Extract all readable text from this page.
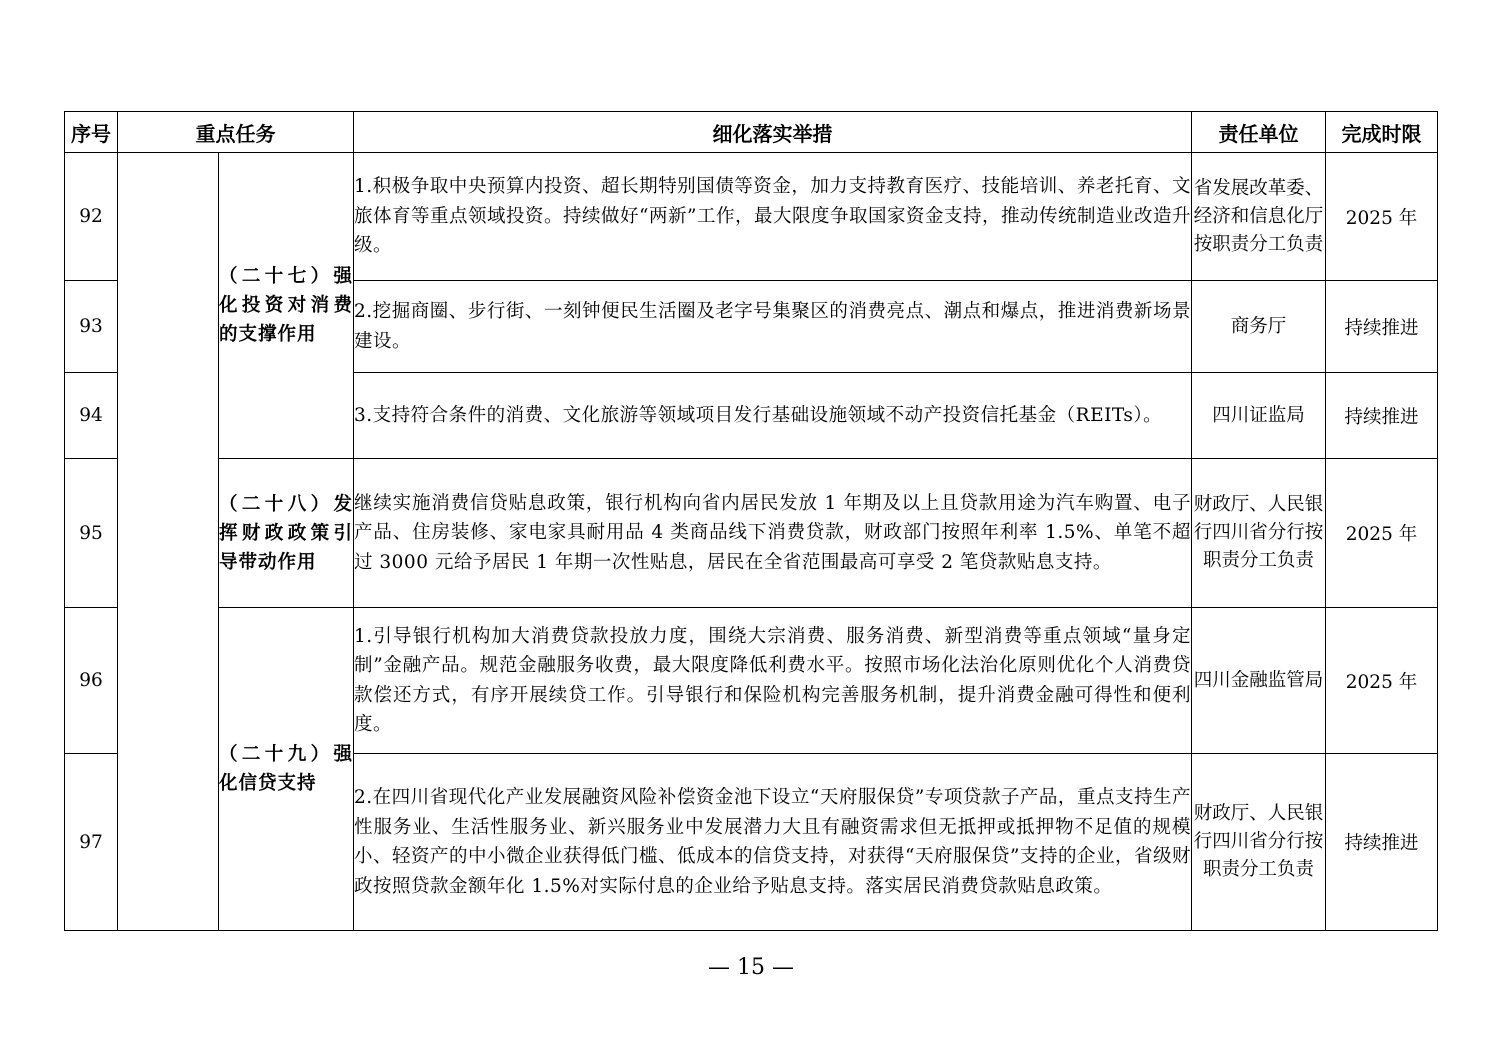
序号	重点任务		细化落实举措	责任单位	完成时限
92		（二十七）强化投资对消费的支撑作用	1.积极争取中央预算内投资、超长期特别国债等资金，加力支持教育医疗、技能培训、养老托育、文旅体育等重点领域投资。持续做好“两新”工作，最大限度争取国家资金支持，推动传统制造业改造升级。	省发展改革委、经济和信息化厅按职责分工负责	2025 年
93			2.挖掘商圈、步行街、一刻钟便民生活圈及老字号集聚区的消费亮点、潮点和爆点，推进消费新场景建设。	商务厅	持续推进
94			3.支持符合条件的消费、文化旅游等领域项目发行基础设施领域不动产投资信托基金（REITs）。	四川证监局	持续推进
95		（二十八）发挥财政政策引导带动作用	继续实施消费信贷贴息政策，银行机构向省内居民发放 1 年期及以上且贷款用途为汽车购置、电子产品、住房装修、家电家具耐用品 4 类商品线下消费贷款，财政部门按照年利率 1.5%、单笔不超过 3000 元给予居民 1 年期一次性贴息，居民在全省范围最高可享受 2 笔贷款贴息支持。	财政厅、人民银行四川省分行按职责分工负责	2025 年
96		（二十九）强化信贷支持	1.引导银行机构加大消费贷款投放力度，围绕大宗消费、服务消费、新型消费等重点领域“量身定制”金融产品。规范金融服务收费，最大限度降低利费水平。按照市场化法治化原则优化个人消费贷款偿还方式，有序开展续贷工作。引导银行和保险机构完善服务机制，提升消费金融可得性和便利度。	四川金融监管局	2025 年
97			2.在四川省现代化产业发展融资风险补偿资金池下设立“天府服保贷”专项贷款子产品，重点支持生产性服务业、生活性服务业、新兴服务业中发展潜力大且有融资需求但无抵押或抵押物不足值的规模小、轻资产的中小微企业获得低门槛、低成本的信贷支持，对获得“天府服保贷”支持的企业，省级财政按照贷款金额年化 1.5%对实际付息的企业给予贴息支持。落实居民消费贷款贴息政策。	财政厅、人民银行四川省分行按职责分工负责	持续推进
— 15 —
